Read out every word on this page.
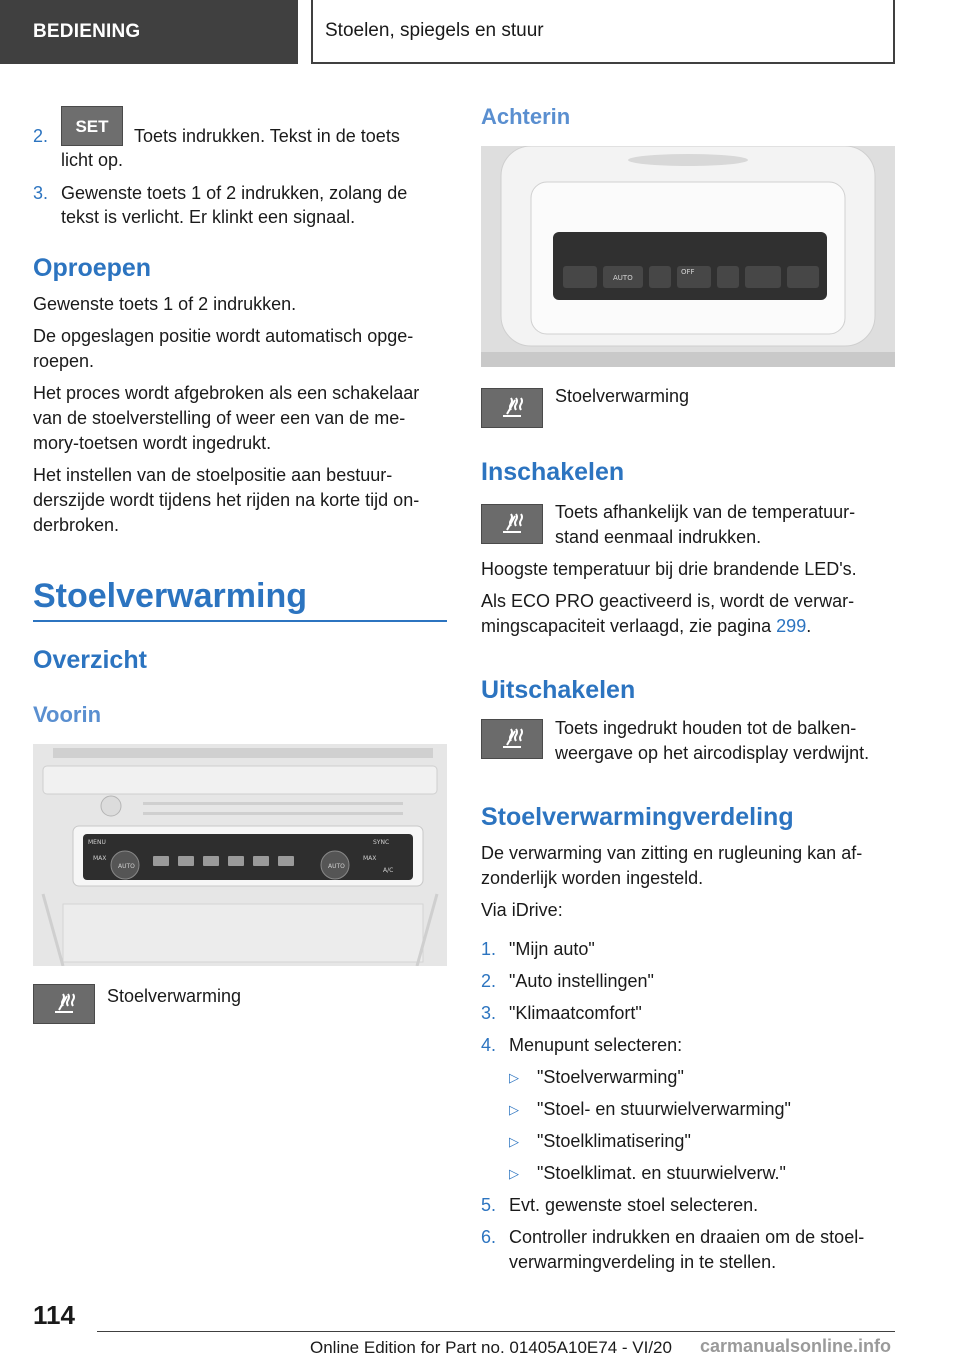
BEDIENING	Stoelen, spiegels en stuur
2. SET Toets indrukken. Tekst in de toets
licht op.
3. Gewenste toets 1 of 2 indrukken, zolang de
tekst is verlicht. Er klinkt een signaal.
Oproepen

Gewenste toets 1 of 2 indrukken.

De opgeslagen positie wordt automatisch opge‐

roepen.

Het proces wordt afgebroken als een schakelaar

van de stoelverstelling of weer een van de me‐

mory-toetsen wordt ingedrukt.

Het instellen van de stoelpositie aan bestuur‐

derszijde wordt tijdens het rijden na korte tijd on‐

derbroken.

Stoelverwarming
Overzicht
Voorin
MENU
MAX
AUTO	AUTO
MAX
SYNC
A/C

Stoelverwarming

Achterin
AUTO
OFF

Stoelverwarming

Inschakelen

Toets afhankelijk van de temperatuur‐

stand eenmaal indrukken.

Hoogste temperatuur bij drie brandende LED's.

Als ECO PRO geactiveerd is, wordt de verwar‐

mingscapaciteit verlaagd, zie pagina 299.

Uitschakelen

Toets ingedrukt houden tot de balken‐

weergave op het aircodisplay verdwijnt.

Stoelverwarmingverdeling

De verwarming van zitting en rugleuning kan af‐

zonderlijk worden ingesteld.

Via iDrive:

1. "Mijn auto"
2. "Auto instellingen"
3. "Klimaatcomfort"
4. Menupunt selecteren:
▷ "Stoelverwarming"
▷ "Stoel- en stuurwielverwarming"
▷ "Stoelklimatisering"
▷ "Stoelklimat. en stuurwielverw."
5. Evt. gewenste stoel selecteren.
6. Controller indrukken en draaien om de stoel‐
verwarmingverdeling in te stellen.
114
Online Edition for Part no. 01405A10E74 - VI/20 carmanualsonline.info
